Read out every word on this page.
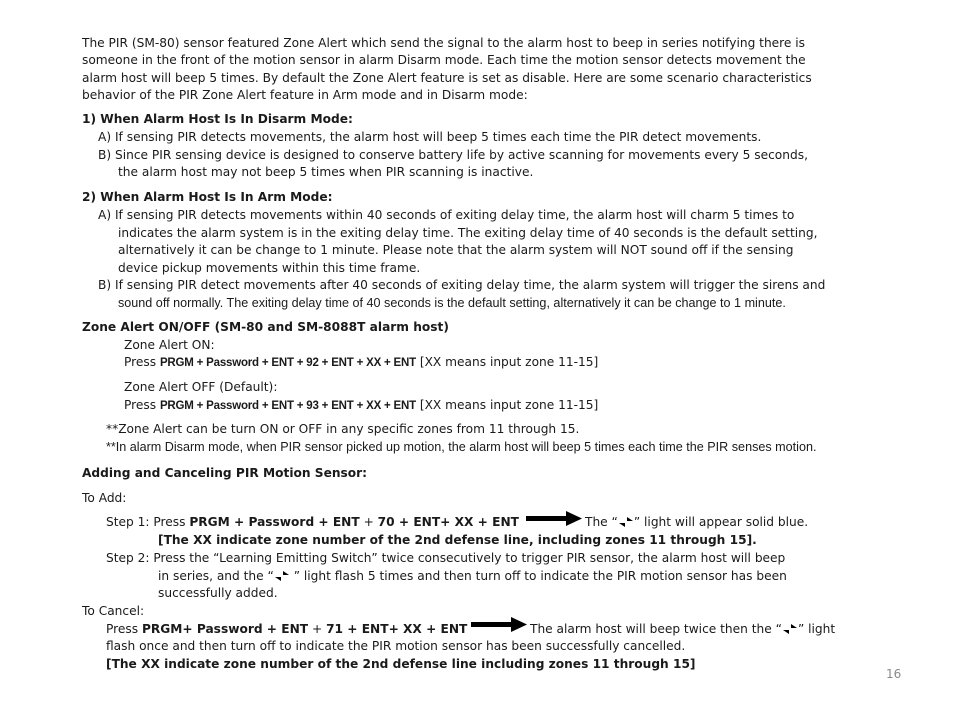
The PIR (SM-80) sensor featured Zone Alert which send the signal to the alarm host to beep in series notifying there is
someone in the front of the motion sensor in alarm Disarm mode. Each time the motion sensor detects movement the
alarm host will beep 5 times. By default the Zone Alert feature is set as disable. Here are some scenario characteristics
behavior of the PIR Zone Alert feature in Arm mode and in Disarm mode:
1) When Alarm Host Is In Disarm Mode:
A) If sensing PIR detects movements, the alarm host will beep 5 times each time the PIR detect movements.
B) Since PIR sensing device is designed to conserve battery life by active scanning for movements every 5 seconds,
the alarm host may not beep 5 times when PIR scanning is inactive.
2) When Alarm Host Is In Arm Mode:
A) If sensing PIR detects movements within 40 seconds of exiting delay time, the alarm host will charm 5 times to
indicates the alarm system is in the exiting delay time. The exiting delay time of 40 seconds is the default setting,
alternatively it can be change to 1 minute. Please note that the alarm system will NOT sound off if the sensing
device pickup movements within this time frame.
B) If sensing PIR detect movements after 40 seconds of exiting delay time, the alarm system will trigger the sirens and
sound off normally. The exiting delay time of 40 seconds is the default setting, alternatively it can be change to 1 minute.
Zone Alert ON/OFF (SM-80 and SM-8088T alarm host)
Zone Alert ON:
Press PRGM + Password + ENT + 92 + ENT + XX + ENT [XX means input zone 11-15]
Zone Alert OFF (Default):
Press PRGM + Password + ENT + 93 + ENT + XX + ENT [XX means input zone 11-15]
**Zone Alert can be turn ON or OFF in any specific zones from 11 through 15.
**In alarm Disarm mode, when PIR sensor picked up motion, the alarm host will beep 5 times each time the PIR senses motion.
Adding and Canceling PIR Motion Sensor:
To Add:
Step 1: Press PRGM + Password + ENT + 70 + ENT+ XX + ENT	The “ ” light will appear solid blue.
[The XX indicate zone number of the 2nd defense line, including zones 11 through 15].
Step 2: Press the “Learning Emitting Switch” twice consecutively to trigger PIR sensor, the alarm host will beep
in series, and the “ ” light flash 5 times and then turn off to indicate the PIR motion sensor has been
successfully added.
To Cancel:
Press PRGM+ Password + ENT + 71 + ENT+ XX + ENT	The alarm host will beep twice then the “ ” light
flash once and then turn off to indicate the PIR motion sensor has been successfully cancelled.
[The XX indicate zone number of the 2nd defense line including zones 11 through 15]
16
